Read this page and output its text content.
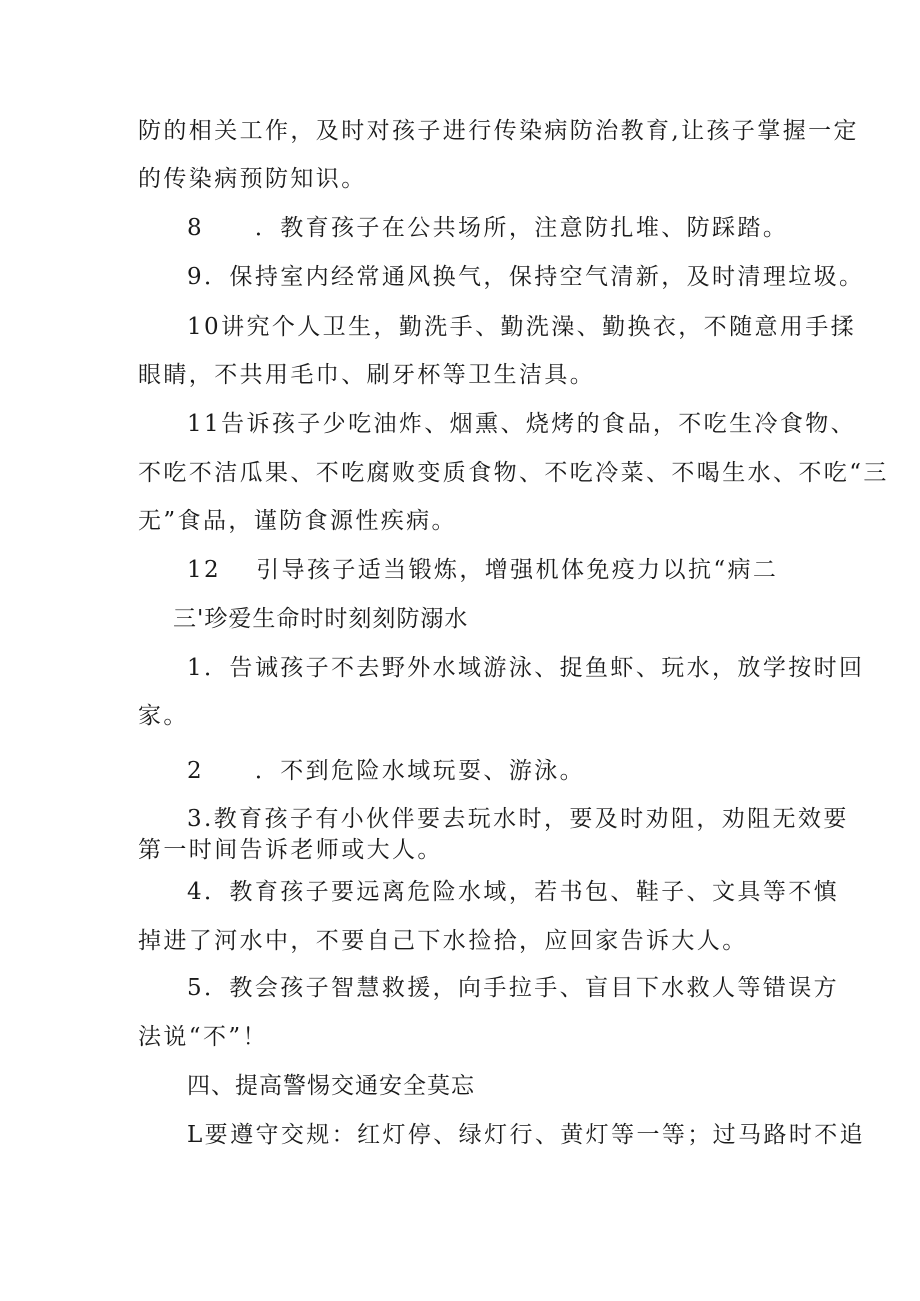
防的相关工作，及时对孩子进行传染病防治教育,让孩子掌握一定
的传染病预防知识。
8　　．教育孩子在公共场所，注意防扎堆、防踩踏。
9．保持室内经常通风换气，保持空气清新，及时清理垃圾。
10讲究个人卫生，勤洗手、勤洗澡、勤换衣，不随意用手揉
眼睛，不共用毛巾、刷牙杯等卫生洁具。
11告诉孩子少吃油炸、烟熏、烧烤的食品，不吃生冷食物、
不吃不洁瓜果、不吃腐败变质食物、不吃冷菜、不喝生水、不吃“三
无”食品，谨防食源性疾病。
12　 引导孩子适当锻炼，增强机体免疫力以抗“病二
三'珍爱生命时时刻刻防溺水
1．告诫孩子不去野外水域游泳、捉鱼虾、玩水，放学按时回
家。
2　　．不到危险水域玩耍、游泳。
3.教育孩子有小伙伴要去玩水时，要及时劝阻，劝阻无效要
第一时间告诉老师或大人。
4．教育孩子要远离危险水域，若书包、鞋子、文具等不慎
掉进了河水中，不要自己下水捡拾，应回家告诉大人。
5．教会孩子智慧救援，向手拉手、盲目下水救人等错误方
法说“不”！
四、提高警惕交通安全莫忘
L要遵守交规：红灯停、绿灯行、黄灯等一等；过马路时不追
